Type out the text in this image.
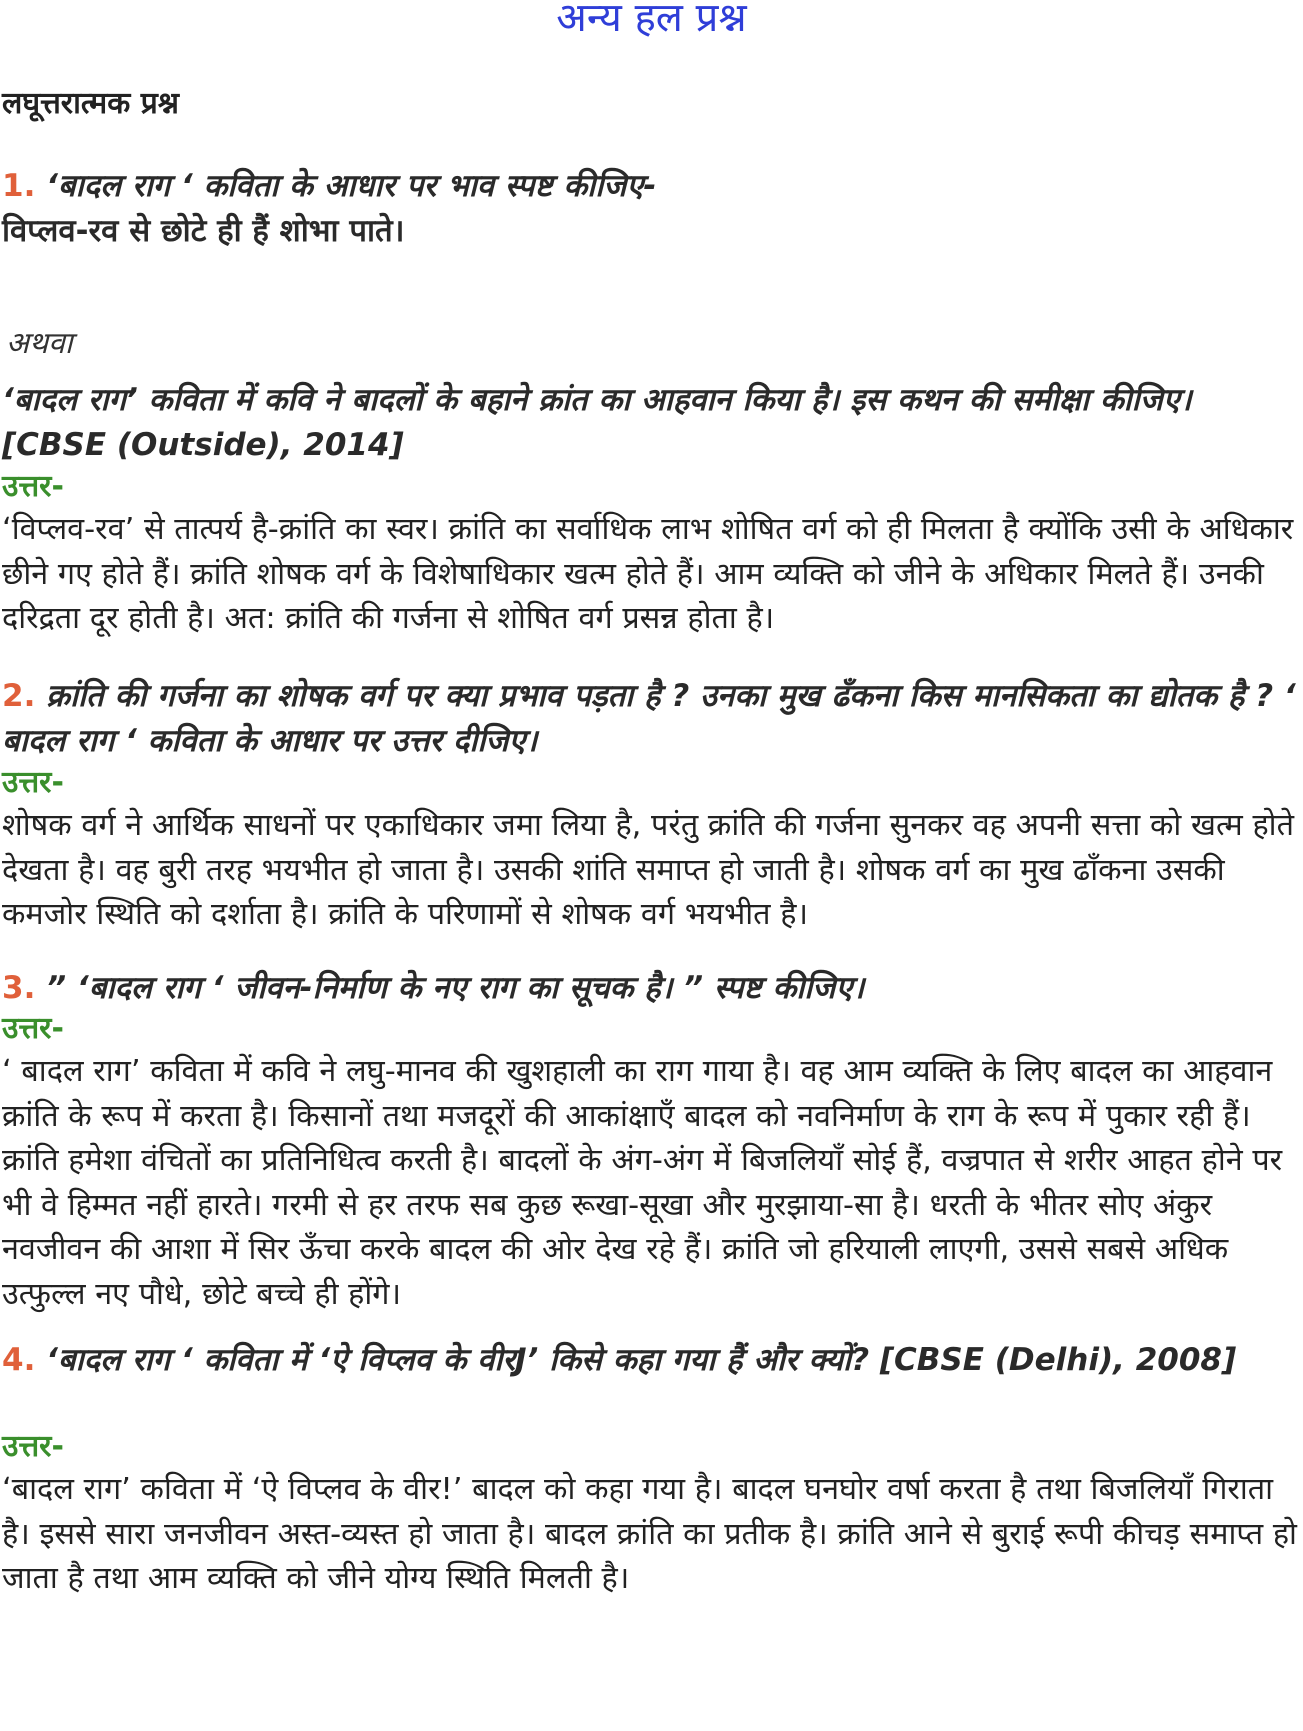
अन्य हल प्रश्न
लघूत्तरात्मक प्रश्न

1. ‘बादल राग ‘ कविता के आधार पर भाव स्पष्ट कीजिए-

विप्लव-रव से छोटे ही हैं शोभा पाते।

अथवा

‘बादल राग’ कविता में कवि ने बादलों के बहाने क्रांत का आहवान किया है। इस कथन की समीक्षा कीजिए। [CBSE (Outside), 2014]

उत्तर-

‘विप्लव-रव’ से तात्पर्य है-क्रांति का स्वर। क्रांति का सर्वाधिक लाभ शोषित वर्ग को ही मिलता है क्योंकि उसी के अधिकार छीने गए होते हैं। क्रांति शोषक वर्ग के विशेषाधिकार खत्म होते हैं। आम व्यक्ति को जीने के अधिकार मिलते हैं। उनकी दरिद्रता दूर होती है। अत: क्रांति की गर्जना से शोषित वर्ग प्रसन्न होता है।

2. क्रांति की गर्जना का शोषक वर्ग पर क्या प्रभाव पड़ता है ? उनका मुख ढँकना किस मानसिकता का द्योतक है ? ‘ बादल राग ‘ कविता के आधार पर उत्तर दीजिए।

उत्तर-

शोषक वर्ग ने आर्थिक साधनों पर एकाधिकार जमा लिया है, परंतु क्रांति की गर्जना सुनकर वह अपनी सत्ता को खत्म होते देखता है। वह बुरी तरह भयभीत हो जाता है। उसकी शांति समाप्त हो जाती है। शोषक वर्ग का मुख ढाँकना उसकी कमजोर स्थिति को दर्शाता है। क्रांति के परिणामों से शोषक वर्ग भयभीत है।

3. ” ‘बादल राग ‘ जीवन-निर्माण के नए राग का सूचक है। ” स्पष्ट कीजिए।

उत्तर-

‘ बादल राग’ कविता में कवि ने लघु-मानव की खुशहाली का राग गाया है। वह आम व्यक्ति के लिए बादल का आहवान क्रांति के रूप में करता है। किसानों तथा मजदूरों की आकांक्षाएँ बादल को नवनिर्माण के राग के रूप में पुकार रही हैं। क्रांति हमेशा वंचितों का प्रतिनिधित्व करती है। बादलों के अंग-अंग में बिजलियाँ सोई हैं, वज्रपात से शरीर आहत होने पर भी वे हिम्मत नहीं हारते। गरमी से हर तरफ सब कुछ रूखा-सूखा और मुरझाया-सा है। धरती के भीतर सोए अंकुर नवजीवन की आशा में सिर ऊँचा करके बादल की ओर देख रहे हैं। क्रांति जो हरियाली लाएगी, उससे सबसे अधिक उत्फुल्ल नए पौधे, छोटे बच्चे ही होंगे।

4. ‘बादल राग ‘ कविता में ‘ऐ विप्लव के वीरJ’ किसे कहा गया हैं और क्यों? [CBSE (Delhi), 2008]

उत्तर-

‘बादल राग’ कविता में ‘ऐ विप्लव के वीर!’ बादल को कहा गया है। बादल घनघोर वर्षा करता है तथा बिजलियाँ गिराता है। इससे सारा जनजीवन अस्त-व्यस्त हो जाता है। बादल क्रांति का प्रतीक है। क्रांति आने से बुराई रूपी कीचड़ समाप्त हो जाता है तथा आम व्यक्ति को जीने योग्य स्थिति मिलती है।
